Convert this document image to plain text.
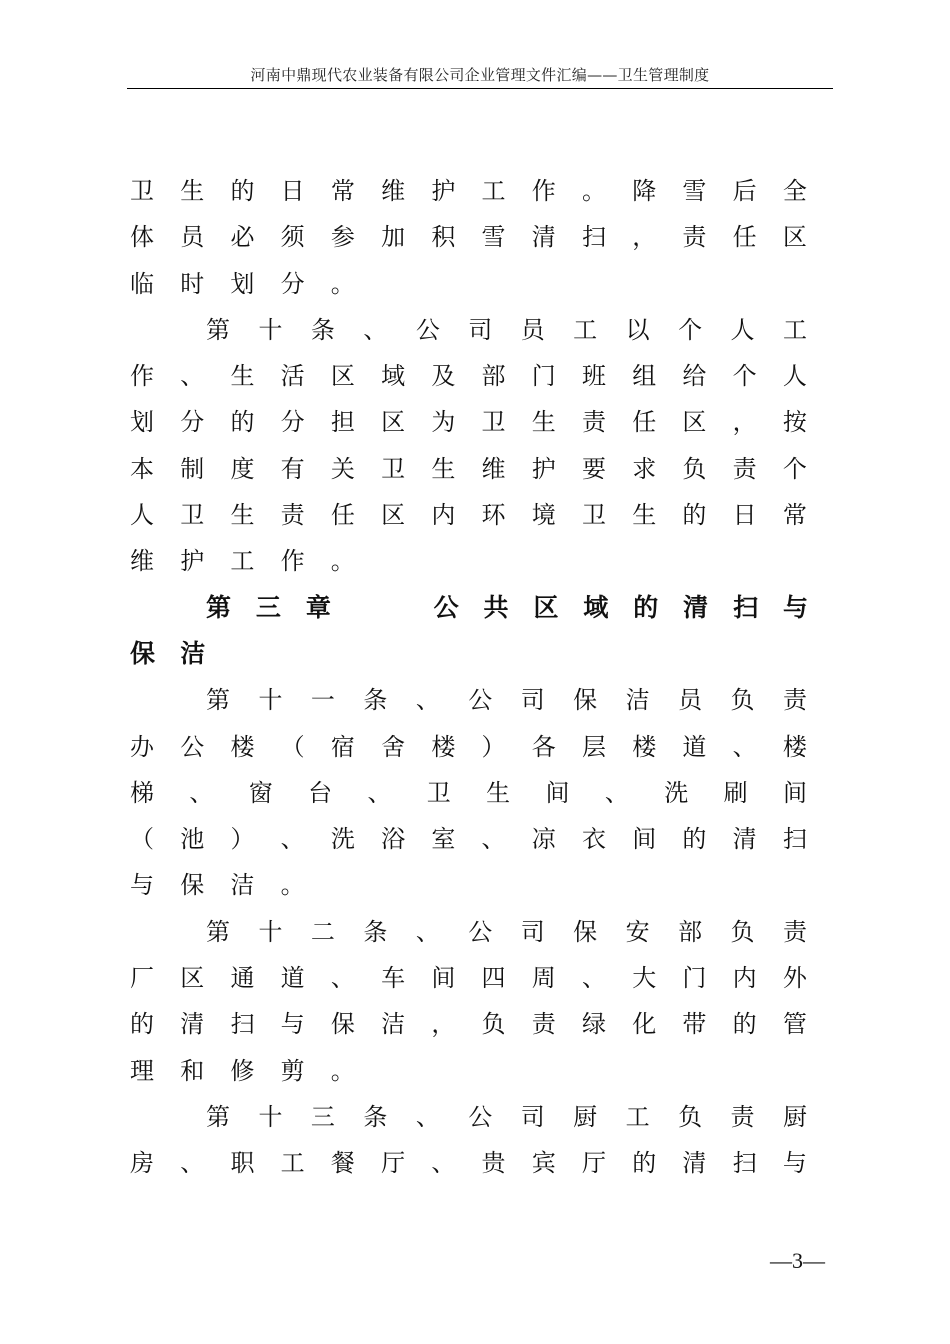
河南中鼎现代农业装备有限公司企业管理文件汇编——卫生管理制度
卫 生 的 日 常 维 护 工 作 。 降 雪 后 全
体 员 必 须 参 加 积 雪 清 扫 ， 责 任 区
临 时 划 分 。
第 十 条 、 公 司 员 工 以 个 人 工
作 、 生 活 区 域 及 部 门 班 组 给 个 人
划 分 的 分 担 区 为 卫 生 责 任 区 ， 按
本 制 度 有 关 卫 生 维 护 要 求 负 责 个
人 卫 生 责 任 区 内 环 境 卫 生 的 日 常
维 护 工 作 。
第 三 章	公 共 区 域 的 清 扫 与
保 洁
第 十 一 条 、 公 司 保 洁 员 负 责
办 公 楼 （ 宿 舍 楼 ） 各 层 楼 道 、 楼
梯 、 窗 台 、 卫 生 间 、 洗 刷 间
（ 池 ） 、 洗 浴 室 、 凉 衣 间 的 清 扫
与 保 洁 。
第 十 二 条 、 公 司 保 安 部 负 责
厂 区 通 道 、 车 间 四 周 、 大 门 内 外
的 清 扫 与 保 洁 ， 负 责 绿 化 带 的 管
理 和 修 剪 。
第 十 三 条 、 公 司 厨 工 负 责 厨
房 、 职 工 餐 厅 、 贵 宾 厅 的 清 扫 与
—3—
